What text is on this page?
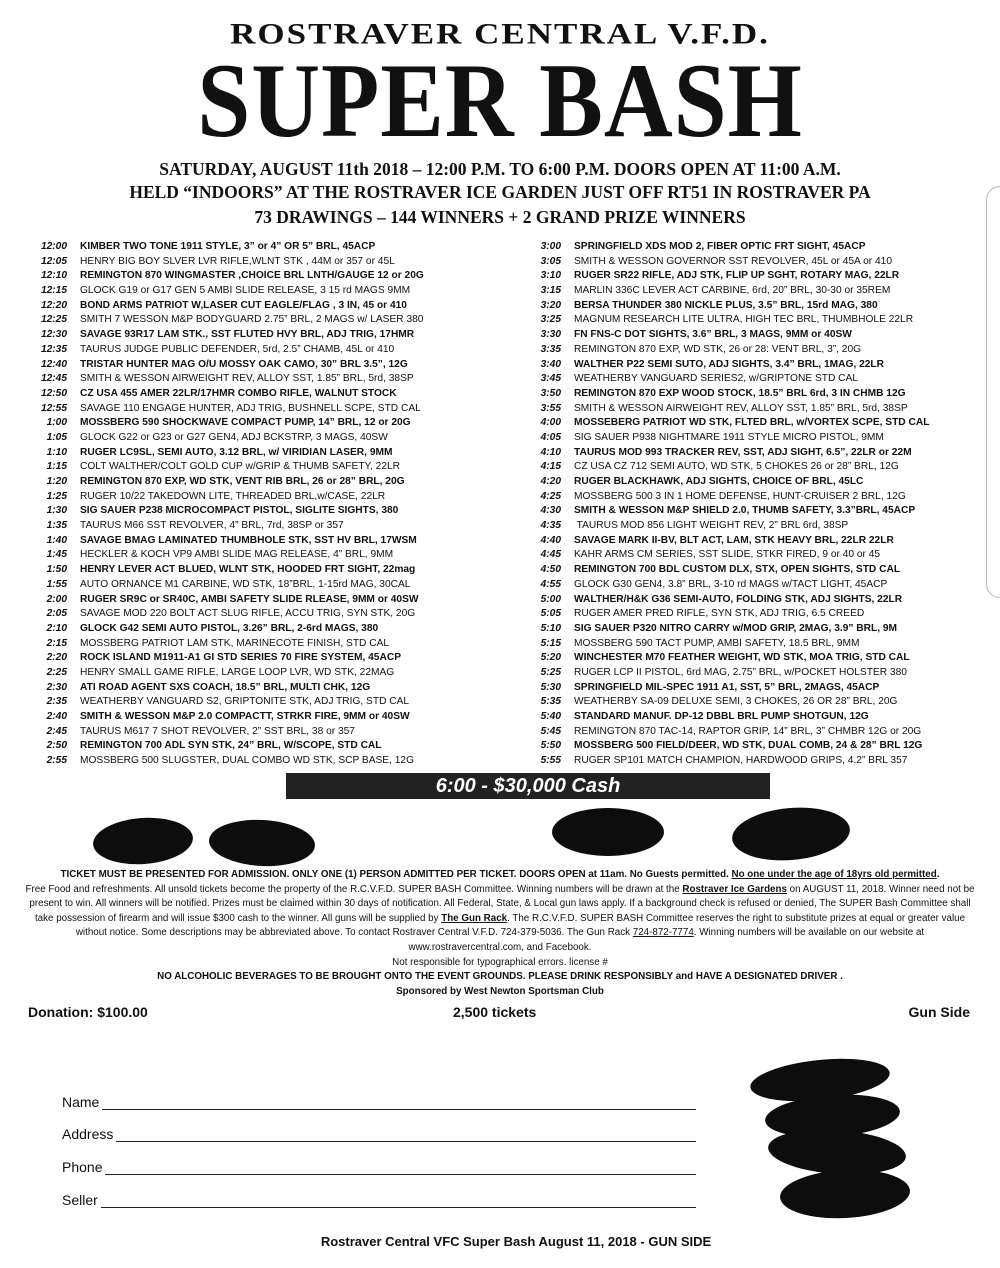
ROSTRAVER CENTRAL V.F.D.
SUPER BASH
SATURDAY, AUGUST 11th 2018 – 12:00 P.M. TO 6:00 P.M. DOORS OPEN AT 11:00 A.M.
HELD “INDOORS” AT THE ROSTRAVER ICE GARDEN JUST OFF RT51 IN ROSTRAVER PA
73 DRAWINGS – 144 WINNERS + 2 GRAND PRIZE WINNERS
12:00 KIMBER TWO TONE 1911 STYLE, 3” or 4” OR 5” BRL, 45ACP
12:05 HENRY BIG BOY SLVER LVR RIFLE,WLNT STK , 44M or 357 or 45L
12:10 REMINGTON 870 WINGMASTER ,CHOICE BRL LNTH/GAUGE 12 or 20G
12:15 GLOCK G19 or G17 GEN 5 AMBI SLIDE RELEASE, 3 15 rd MAGS 9MM
12:20 BOND ARMS PATRIOT W,LASER CUT EAGLE/FLAG , 3 IN, 45 or 410
12:25 SMITH 7 WESSON M&P BODYGUARD 2.75” BRL, 2 MAGS w/ LASER 380
12:30 SAVAGE 93R17 LAM STK., SST FLUTED HVY BRL, ADJ TRIG, 17HMR
12:35 TAURUS JUDGE PUBLIC DEFENDER, 5rd, 2.5” CHAMB, 45L or 410
12:40 TRISTAR HUNTER MAG O/U MOSSY OAK CAMO, 30” BRL 3.5”, 12G
12:45 SMITH & WESSON AIRWEIGHT REV, ALLOY SST, 1.85” BRL, 5rd, 38SP
12:50 CZ USA 455 AMER 22LR/17HMR COMBO RIFLE, WALNUT STOCK
12:55 SAVAGE 110 ENGAGE HUNTER, ADJ TRIG, BUSHNELL SCPE, STD CAL
1:00 MOSSBERG 590 SHOCKWAVE COMPACT PUMP, 14” BRL, 12 or 20G
1:05 GLOCK G22 or G23 or G27 GEN4, ADJ BCKSTRP, 3 MAGS, 40SW
1:10 RUGER LC9SL, SEMI AUTO, 3.12 BRL, w/ VIRIDIAN LASER, 9MM
1:15 COLT WALTHER/COLT GOLD CUP w/GRIP & THUMB SAFETY, 22LR
1:20 REMINGTON 870 EXP, WD STK, VENT RIB BRL, 26 or 28” BRL, 20G
1:25 RUGER 10/22 TAKEDOWN LITE, THREADED BRL,w/CASE, 22LR
1:30 SIG SAUER P238 MICROCOMPACT PISTOL, SIGLITE SIGHTS, 380
1:35 TAURUS M66 SST REVOLVER, 4” BRL, 7rd, 38SP or 357
1:40 SAVAGE BMAG LAMINATED THUMBHOLE STK, SST HV BRL, 17WSM
1:45 HECKLER & KOCH VP9 AMBI SLIDE MAG RELEASE, 4” BRL, 9MM
1:50 HENRY LEVER ACT BLUED, WLNT STK, HOODED FRT SIGHT, 22mag
1:55 AUTO ORNANCE M1 CARBINE, WD STK, 18”BRL, 1-15rd MAG, 30CAL
2:00 RUGER SR9C or SR40C, AMBI SAFETY SLIDE RLEASE, 9MM or 40SW
2:05 SAVAGE MOD 220 BOLT ACT SLUG RIFLE, ACCU TRIG, SYN STK, 20G
2:10 GLOCK G42 SEMI AUTO PISTOL, 3.26” BRL, 2-6rd MAGS, 380
2:15 MOSSBERG PATRIOT LAM STK, MARINECOTE FINISH, STD CAL
2:20 ROCK ISLAND M1911-A1 GI STD SERIES 70 FIRE SYSTEM, 45ACP
2:25 HENRY SMALL GAME RIFLE, LARGE LOOP LVR, WD STK, 22MAG
2:30 ATI ROAD AGENT SXS COACH, 18.5” BRL, MULTI CHK, 12G
2:35 WEATHERBY VANGUARD S2, GRIPTONITE STK, ADJ TRIG, STD CAL
2:40 SMITH & WESSON M&P 2.0 COMPACTT, STRKR FIRE, 9MM or 40SW
2:45 TAURUS M617 7 SHOT REVOLVER, 2” SST BRL, 38 or 357
2:50 REMINGTON 700 ADL SYN STK, 24” BRL, W/SCOPE, STD CAL
2:55 MOSSBERG 500 SLUGSTER, DUAL COMBO WD STK, SCP BASE, 12G
3:00 SPRINGFIELD XDS MOD 2, FIBER OPTIC FRT SIGHT, 45ACP
3:05 SMITH & WESSON GOVERNOR SST REVOLVER, 45L or 45A or 410
3:10 RUGER SR22 RIFLE, ADJ STK, FLIP UP SGHT, ROTARY MAG, 22LR
3:15 MARLIN 336C LEVER ACT CARBINE, 6rd, 20” BRL, 30-30 or 35REM
3:20 BERSA THUNDER 380 NICKLE PLUS, 3.5” BRL, 15rd MAG, 380
3:25 MAGNUM RESEARCH LITE ULTRA, HIGH TEC BRL, THUMBHOLE 22LR
3:30 FN FNS-C DOT SIGHTS, 3.6” BRL, 3 MAGS, 9MM or 40SW
3:35 REMINGTON 870 EXP, WD STK, 26 or 28: VENT BRL, 3”, 20G
3:40 WALTHER P22 SEMI SUTO, ADJ SIGHTS, 3.4” BRL, 1MAG, 22LR
3:45 WEATHERBY VANGUARD SERIES2, w/GRIPTONE STD CAL
3:50 REMINGTON 870 EXP WOOD STOCK, 18.5” BRL 6rd, 3 IN CHMB 12G
3:55 SMITH & WESSON AIRWEIGHT REV, ALLOY SST, 1.85” BRL, 5rd, 38SP
4:00 MOSSEBERG PATRIOT WD STK, FLTED BRL, w/VORTEX SCPE, STD CAL
4:05 SIG SAUER P938 NIGHTMARE 1911 STYLE MICRO PISTOL, 9MM
4:10 TAURUS MOD 993 TRACKER REV, SST, ADJ SIGHT, 6.5”, 22LR or 22M
4:15 CZ USA CZ 712 SEMI AUTO, WD STK, 5 CHOKES 26 or 28” BRL, 12G
4:20 RUGER BLACKHAWK, ADJ SIGHTS, CHOICE OF BRL, 45LC
4:25 MOSSBERG 500 3 IN 1 HOME DEFENSE, HUNT-CRUISER 2 BRL, 12G
4:30 SMITH & WESSON M&P SHIELD 2.0, THUMB SAFETY, 3.3”BRL, 45ACP
4:35 TAURUS MOD 856 LIGHT WEIGHT REV, 2” BRL 6rd, 38SP
4:40 SAVAGE MARK II-BV, BLT ACT, LAM, STK HEAVY BRL, 22LR 22LR
4:45 KAHR ARMS CM SERIES, SST SLIDE, STKR FIRED, 9 or 40 or 45
4:50 REMINGTON 700 BDL CUSTOM DLX, STX, OPEN SIGHTS, STD CAL
4:55 GLOCK G30 GEN4, 3.8” BRL, 3-10 rd MAGS w/TACT LIGHT, 45ACP
5:00 WALTHER/H&K G36 SEMI-AUTO, FOLDING STK, ADJ SIGHTS, 22LR
5:05 RUGER AMER PRED RIFLE, SYN STK, ADJ TRIG, 6.5 CREED
5:10 SIG SAUER P320 NITRO CARRY w/MOD GRIP, 2MAG, 3.9” BRL, 9M
5:15 MOSSBERG 590 TACT PUMP, AMBI SAFETY, 18.5 BRL, 9MM
5:20 WINCHESTER M70 FEATHER WEIGHT, WD STK, MOA TRIG, STD CAL
5:25 RUGER LCP II PISTOL, 6rd MAG, 2.75” BRL, w/POCKET HOLSTER 380
5:30 SPRINGFIELD MIL-SPEC 1911 A1, SST, 5” BRL, 2MAGS, 45ACP
5:35 WEATHERBY SA-09 DELUXE SEMI, 3 CHOKES, 26 OR 28” BRL, 20G
5:40 STANDARD MANUF. DP-12 DBBL BRL PUMP SHOTGUN, 12G
5:45 REMINGTON 870 TAC-14, RAPTOR GRIP, 14” BRL, 3” CHMBR 12G or 20G
5:50 MOSSBERG 500 FIELD/DEER, WD STK, DUAL COMB, 24 & 28” BRL 12G
5:55 RUGER SP101 MATCH CHAMPION, HARDWOOD GRIPS, 4.2” BRL 357
6:00 - $30,000 Cash
TICKET MUST BE PRESENTED FOR ADMISSION. ONLY ONE (1) PERSON ADMITTED PER TICKET. DOORS OPEN at 11am. No Guests permitted. No one under the age of 18yrs old permitted.
Free Food and refreshments. All unsold tickets become the property of the R.C.V.F.D. SUPER BASH Committee. Winning numbers will be drawn at the Rostraver Ice Gardens on AUGUST 11, 2018. Winner need not be present to win. All winners will be notified. Prizes must be claimed within 30 days of notification. All Federal, State, & Local gun laws apply. If a background check is refused or denied, The SUPER Bash Committee shall take possession of firearm and will issue $300 cash to the winner. All guns will be supplied by The Gun Rack. The R.C.V.F.D. SUPER BASH Committee reserves the right to substitute prizes at equal or greater value without notice. Some descriptions may be abbreviated above. To contact Rostraver Central V.F.D. 724-379-5036. The Gun Rack 724-872-7774. Winning numbers will be available on our website at www.rostravercentral.com, and Facebook.
Not responsible for typographical errors. license #
NO ALCOHOLIC BEVERAGES TO BE BROUGHT ONTO THE EVENT GROUNDS. PLEASE DRINK RESPONSIBLY and HAVE A DESIGNATED DRIVER .
Sponsored by West Newton Sportsman Club
Donation: $100.00	2,500 tickets	Gun Side
Name
Address
Phone
Seller
Rostraver Central VFC Super Bash August 11, 2018 - GUN SIDE
